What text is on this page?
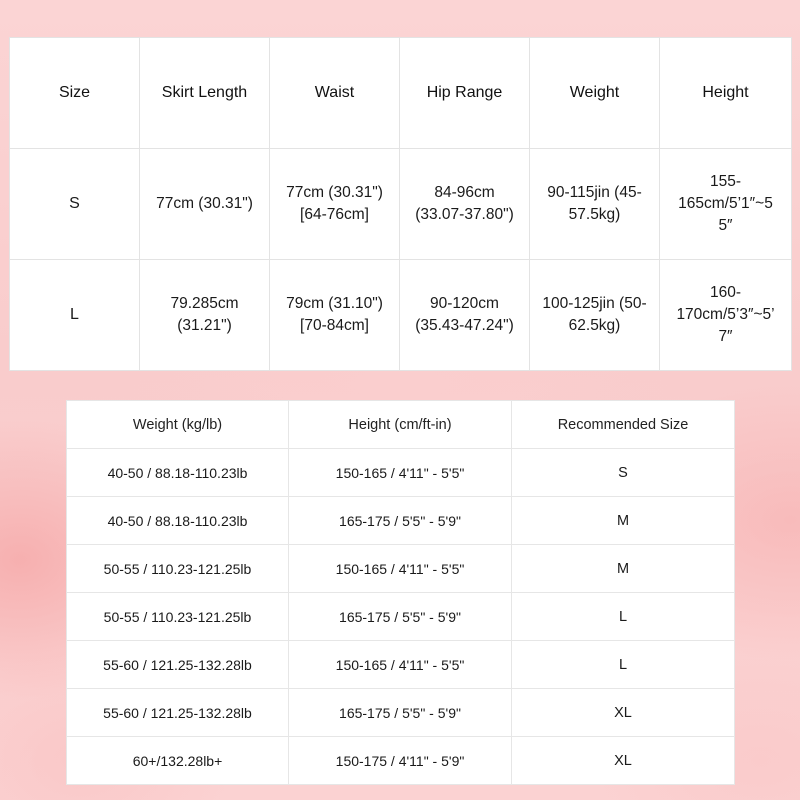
Size	Skirt Length	Waist	Hip Range	Weight	Height
S	77cm (30.31")	77cm (30.31") [64-76cm]	84-96cm (33.07-37.80")	90-115jin (45-57.5kg)	155-165cm/5’1″~55″
L	79.285cm (31.21")	79cm (31.10") [70-84cm]	90-120cm (35.43-47.24")	100-125jin (50-62.5kg)	160-170cm/5’3″~5’7″
Weight (kg/lb)	Height (cm/ft-in)	Recommended Size
40-50 / 88.18-110.23lb	150-165 / 4'11" - 5'5"	S
40-50 / 88.18-110.23lb	165-175 / 5'5" - 5'9"	M
50-55 / 110.23-121.25lb	150-165 / 4'11" - 5'5"	M
50-55 / 110.23-121.25lb	165-175 / 5'5" - 5'9"	L
55-60 / 121.25-132.28lb	150-165 / 4'11" - 5'5"	L
55-60 / 121.25-132.28lb	165-175 / 5'5" - 5'9"	XL
60+/132.28lb+	150-175 / 4'11" - 5'9"	XL
